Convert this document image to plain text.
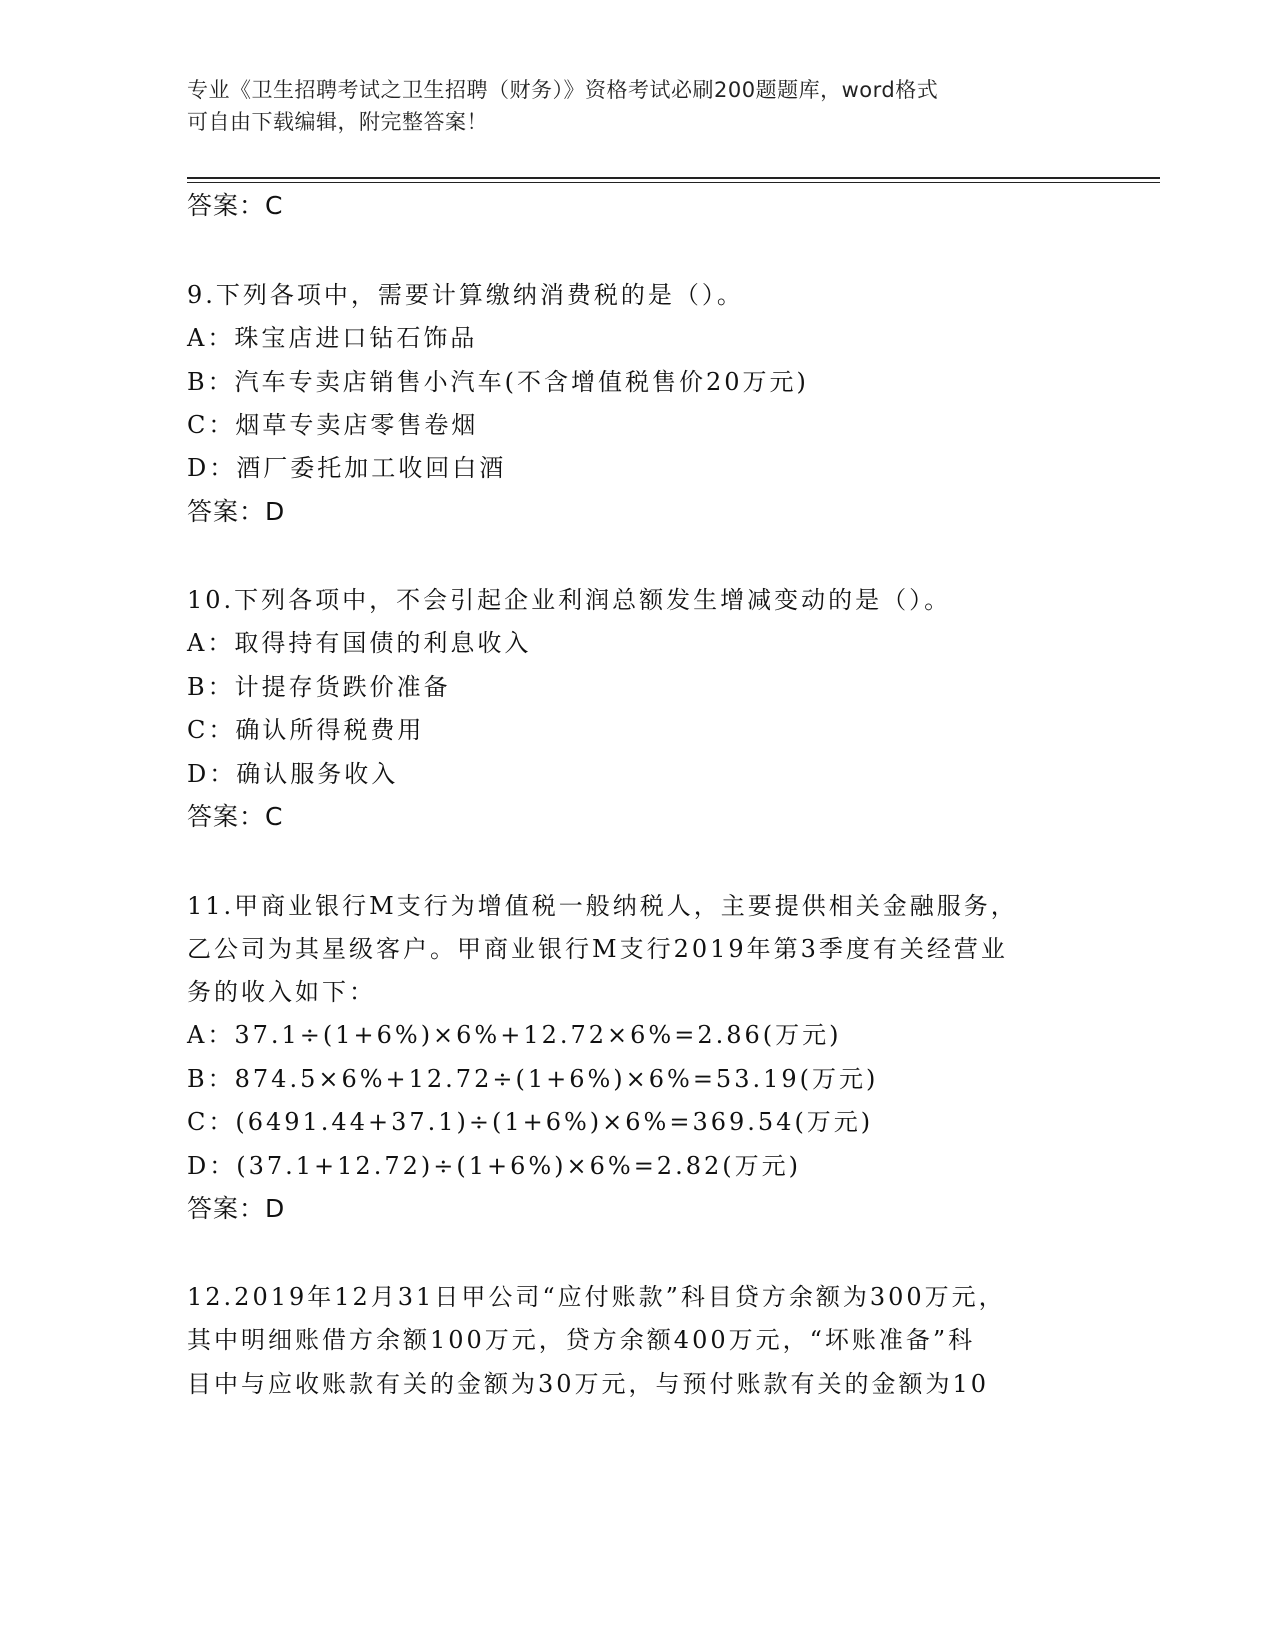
专业《卫生招聘考试之卫生招聘（财务）》资格考试必刷200题题库，word格式
可自由下载编辑，附完整答案！
答案：C
9.下列各项中，需要计算缴纳消费税的是（）。
A：珠宝店进口钻石饰品
B：汽车专卖店销售小汽车(不含增值税售价20万元)
C：烟草专卖店零售卷烟
D：酒厂委托加工收回白酒
答案：D
10.下列各项中，不会引起企业利润总额发生增减变动的是（）。
A：取得持有国债的利息收入
B：计提存货跌价准备
C：确认所得税费用
D：确认服务收入
答案：C
11.甲商业银行M支行为增值税一般纳税人，主要提供相关金融服务，
乙公司为其星级客户。甲商业银行M支行2019年第3季度有关经营业
务的收入如下：
A：37.1÷(1+6%)×6%+12.72×6%=2.86(万元)
B：874.5×6%+12.72÷(1+6%)×6%=53.19(万元)
C：(6491.44+37.1)÷(1+6%)×6%=369.54(万元)
D：(37.1+12.72)÷(1+6%)×6%=2.82(万元)
答案：D
12.2019年12月31日甲公司“应付账款”科目贷方余额为300万元，
其中明细账借方余额100万元，贷方余额400万元，“坏账准备”科
目中与应收账款有关的金额为30万元，与预付账款有关的金额为10
